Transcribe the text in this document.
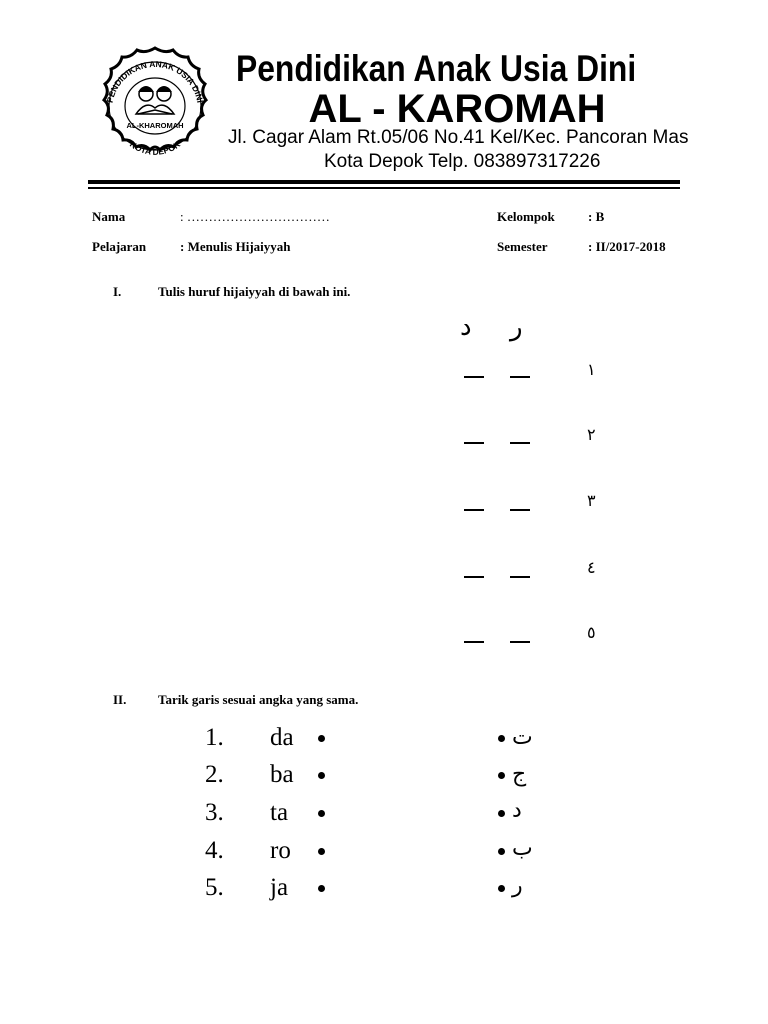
PENDIDIKAN ANAK USIA DINI
KOTA DEPOK
AL-KHAROMAH
Pendidikan Anak Usia Dini
AL - KAROMAH
Jl. Cagar Alam Rt.05/06 No.41 Kel/Kec. Pancoran Mas
Kota Depok Telp. 083897317226
Nama	: ……………………………
Pelajaran	: Menulis Hijaiyyah
Kelompok	: B
Semester	: II/2017-2018
I.	Tulis huruf hijaiyyah di bawah ini.
ر
د
١
٢
٣
٤
٥
II. Tarik garis sesuai angka yang sama.
1. da	ت
2. ba	ج
3. ta	د
4. ro	ب
5. ja	ر
